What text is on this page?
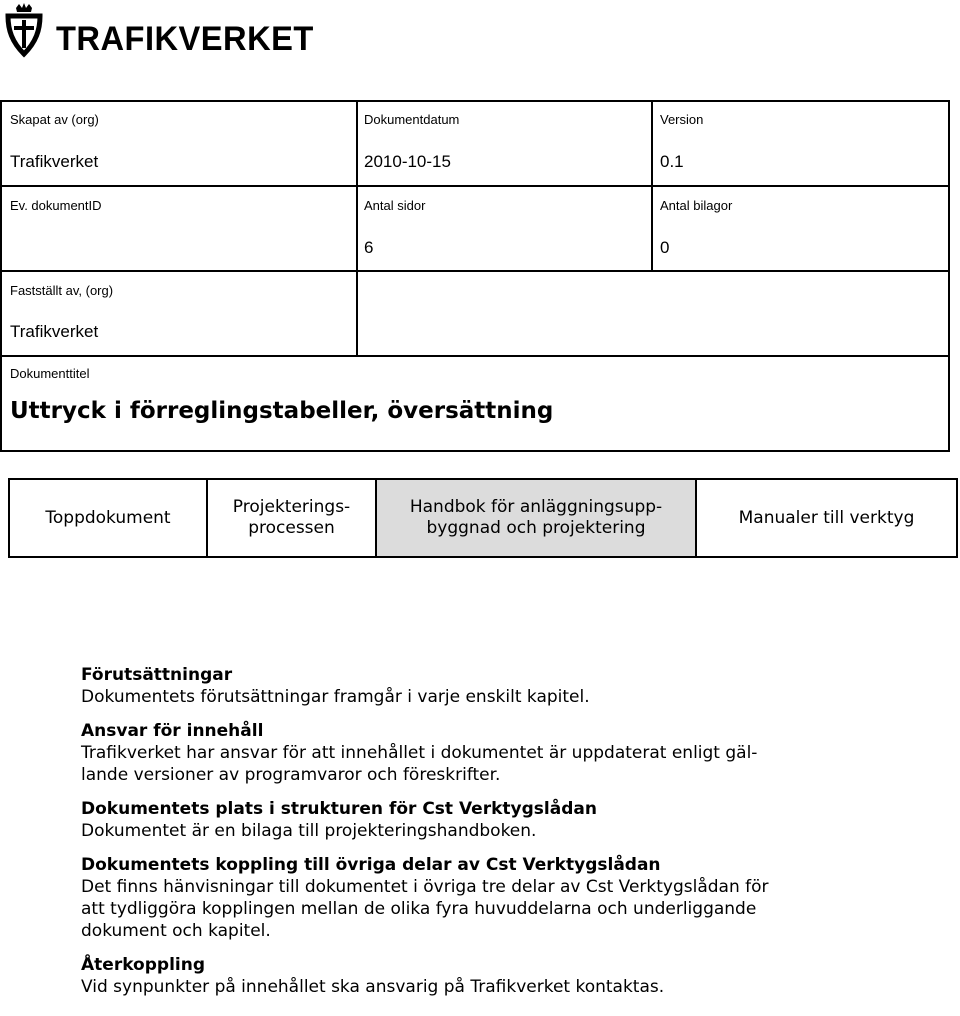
TRAFIKVERKET
Skapat av (org)
Trafikverket
Dokumentdatum
2010-10-15
Version
0.1
Ev. dokumentID	Antal sidor
6
Antal bilagor
0
Fastställt av, (org)
Trafikverket
Dokumenttitel
Uttryck i förreglingstabeller, översättning
Toppdokument
Projekterings-
processen
Handbok för anläggningsupp-
byggnad och projektering
Manualer till verktyg
Förutsättningar

Dokumentets förutsättningar framgår i varje enskilt kapitel.

Ansvar för innehåll

Trafikverket har ansvar för att innehållet i dokumentet är uppdaterat enligt gäl-
lande versioner av programvaror och föreskrifter.

Dokumentets plats i strukturen för Cst Verktygslådan

Dokumentet är en bilaga till projekteringshandboken.

Dokumentets koppling till övriga delar av Cst Verktygslådan

Det finns hänvisningar till dokumentet i övriga tre delar av Cst Verktygslådan för
att tydliggöra kopplingen mellan de olika fyra huvuddelarna och underliggande
dokument och kapitel.

Återkoppling

Vid synpunkter på innehållet ska ansvarig på Trafikverket kontaktas.
